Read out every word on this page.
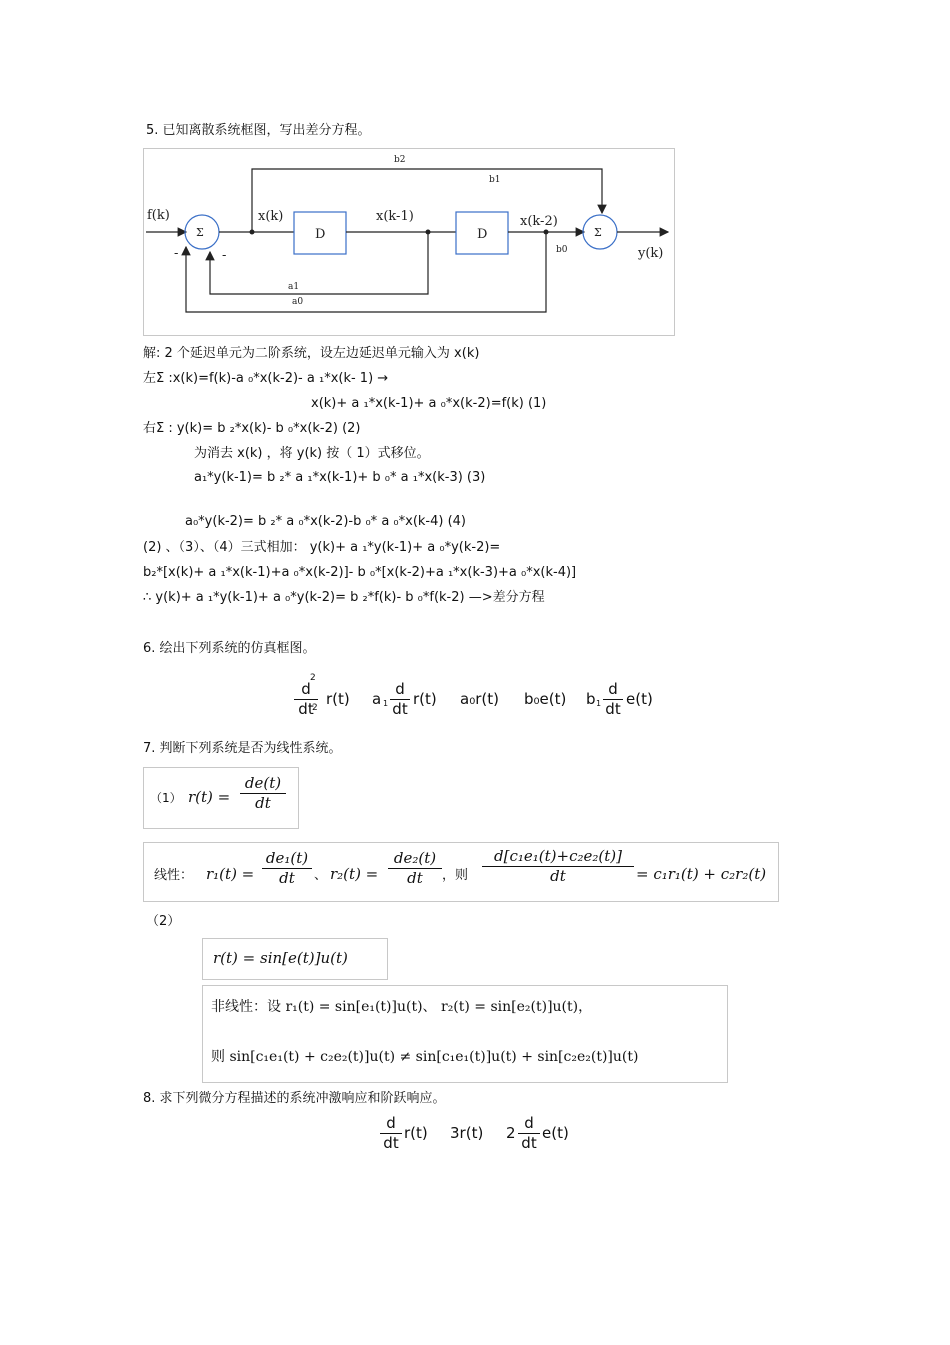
5. 已知离散系统框图，写出差分方程。
f(k)
Σ	Σ
x(k)	x(k-1)	x(k-2)
D	D
y(k)
b2
b1
b0
a1
a0
-	-
解: 2 个延迟单元为二阶系统，设左边延迟单元输入为 x(k)
左Σ :x(k)=f(k)-a ₀*x(k-2)- a ₁*x(k- 1) →
x(k)+ a ₁*x(k-1)+ a ₀*x(k-2)=f(k) (1)
右Σ : y(k)= b ₂*x(k)- b ₀*x(k-2) (2)
为消去 x(k) ，将 y(k) 按（ 1）式移位。
a₁*y(k-1)= b ₂* a ₁*x(k-1)+ b ₀* a ₁*x(k-3) (3)
a₀*y(k-2)= b ₂* a ₀*x(k-2)-b ₀* a ₀*x(k-4) (4)
(2) 、（3）、（4）三式相加： y(k)+ a ₁*y(k-1)+ a ₀*y(k-2)=
b₂*[x(k)+ a ₁*x(k-1)+a ₀*x(k-2)]- b ₀*[x(k-2)+a ₁*x(k-3)+a ₀*x(k-4)]
∴ y(k)+ a ₁*y(k-1)+ a ₀*y(k-2)= b ₂*f(k)- b ₀*f(k-2) —>差分方程
6. 绘出下列系统的仿真框图。
d
dt
2
2 r(t) a 1
d
dt
r(t) a₀r(t) b₀e(t) b 1
d
dt
e(t)
7. 判断下列系统是否为线性系统。
（1） r(t) =
de(t)
dt
线性： r₁(t) =
de₁(t)
dt	、 r₂(t) =
de₂(t)
dt	，则
d[c₁e₁(t)+c₂e₂(t)]
dt	= c₁r₁(t) + c₂r₂(t)
（2）
r(t) = sin[e(t)]u(t)
非线性：设 r₁(t) = sin[e₁(t)]u(t)、 r₂(t) = sin[e₂(t)]u(t)，
则 sin[c₁e₁(t) + c₂e₂(t)]u(t) ≠ sin[c₁e₁(t)]u(t) + sin[c₂e₂(t)]u(t)
8. 求下列微分方程描述的系统冲激响应和阶跃响应。
d
dt
r(t) 3r(t) 2
d
dt
e(t)
